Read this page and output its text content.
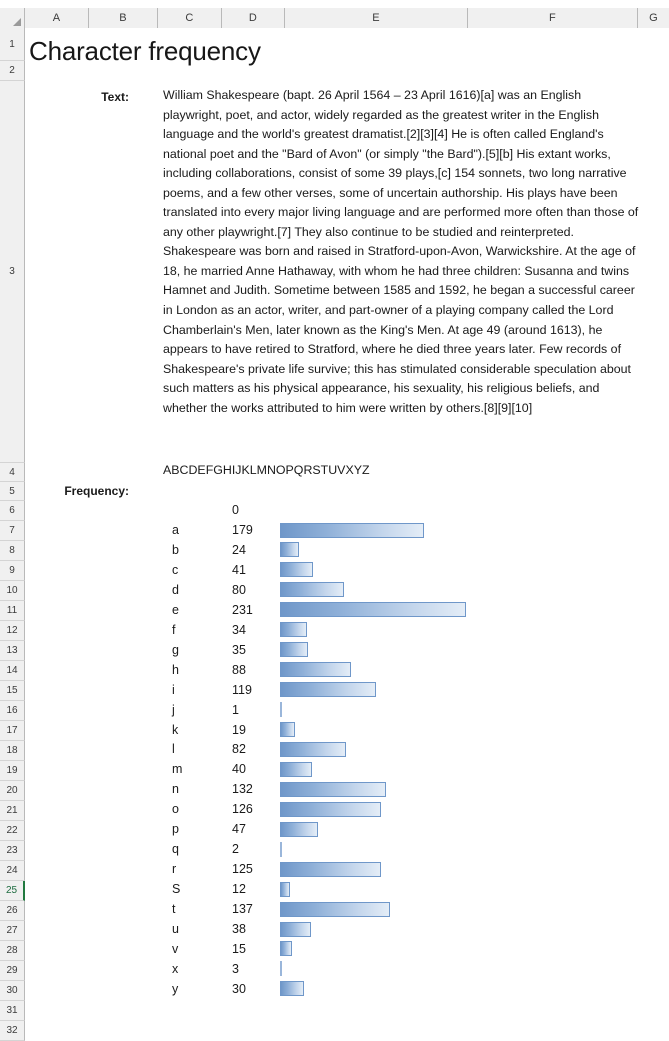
A	B	C	D	E	F	G
1
2
3
4
5
6
7
8
9
10
11
12
13
14
15
16
17
18
19
20
21
22
23
24
25
26
27
28
29
30
31
32
Character frequency
Text:	William Shakespeare (bapt. 26 April 1564 – 23 April 1616)[a] was an English playwright, poet, and actor, widely regarded as the greatest writer in the English language and the world's greatest dramatist.[2][3][4] He is often called England's national poet and the "Bard of Avon" (or simply "the Bard").[5][b] His extant works, including collaborations, consist of some 39 plays,[c] 154 sonnets, two long narrative poems, and a few other verses, some of uncertain authorship. His plays have been translated into every major living language and are performed more often than those of any other playwright.[7] They also continue to be studied and reinterpreted. Shakespeare was born and raised in Stratford-upon-Avon, Warwickshire. At the age of 18, he married Anne Hathaway, with whom he had three children: Susanna and twins Hamnet and Judith. Sometime between 1585 and 1592, he began a successful career in London as an actor, writer, and part-owner of a playing company called the Lord Chamberlain's Men, later known as the King's Men. At age 49 (around 1613), he appears to have retired to Stratford, where he died three years later. Few records of Shakespeare's private life survive; this has stimulated considerable speculation about such matters as his physical appearance, his sexuality, his religious beliefs, and whether the works attributed to him were written by others.[8][9][10]
ABCDEFGHIJKLMNOPQRSTUVXYZ
Frequency:
0
a	179
b	24
c	41
d	80
e	231
f	34
g	35
h	88
i	119
j	1
k	19
l	82
m	40
n	132
o	126
p	47
q	2
r	125
S	12
t	137
u	38
v	15
x	3
y	30
